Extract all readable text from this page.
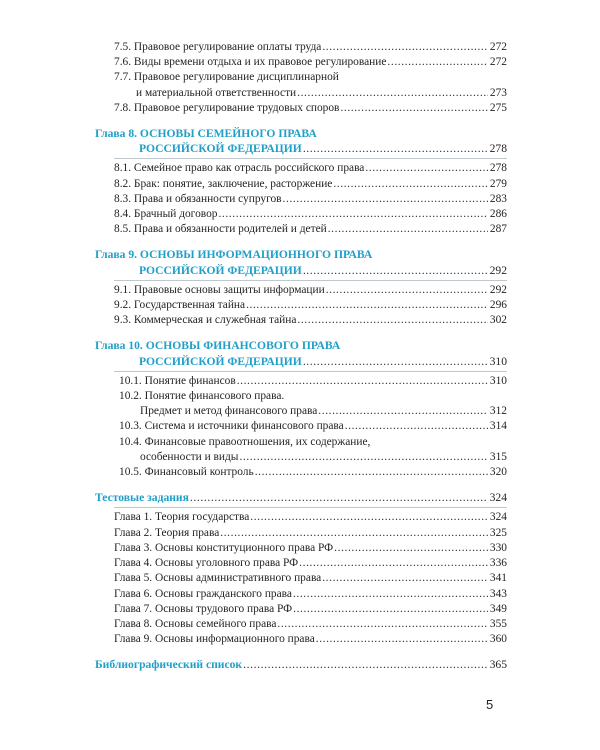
7.5. Правовое регулирование оплаты труда .....	272
7.6. Виды времени отдыха и их правовое регулирование .....	272
7.7. Правовое регулирование дисциплинарной
и материальной ответственности .....	273
7.8. Правовое регулирование трудовых споров .....	275
Глава 8. ОСНОВЫ СЕМЕЙНОГО ПРАВА
РОССИЙСКОЙ ФЕДЕРАЦИИ .....	278
8.1. Семейное право как отрасль российского права .....	278
8.2. Брак: понятие, заключение, расторжение .....	279
8.3. Права и обязанности супругов .....	283
8.4. Брачный договор .....	286
8.5. Права и обязанности родителей и детей .....	287
Глава 9. ОСНОВЫ ИНФОРМАЦИОННОГО ПРАВА
РОССИЙСКОЙ ФЕДЕРАЦИИ .....	292
9.1. Правовые основы защиты информации .....	292
9.2. Государственная тайна .....	296
9.3. Коммерческая и служебная тайна .....	302
Глава 10. ОСНОВЫ ФИНАНСОВОГО ПРАВА
РОССИЙСКОЙ ФЕДЕРАЦИИ .....	310
10.1. Понятие финансов .....	310
10.2. Понятие финансового права.
Предмет и метод финансового права .....	312
10.3. Система и источники финансового права .....	314
10.4. Финансовые правоотношения, их содержание,
особенности и виды .....	315
10.5. Финансовый контроль .....	320
Тестовые задания .....	324
Глава 1. Теория государства .....	324
Глава 2. Теория права .....	325
Глава 3. Основы конституционного права РФ .....	330
Глава 4. Основы уголовного права РФ .....	336
Глава 5. Основы административного права .....	341
Глава 6. Основы гражданского права .....	343
Глава 7. Основы трудового права РФ .....	349
Глава 8. Основы семейного права .....	355
Глава 9. Основы информационного права .....	360
Библиографический список .....	365
5
